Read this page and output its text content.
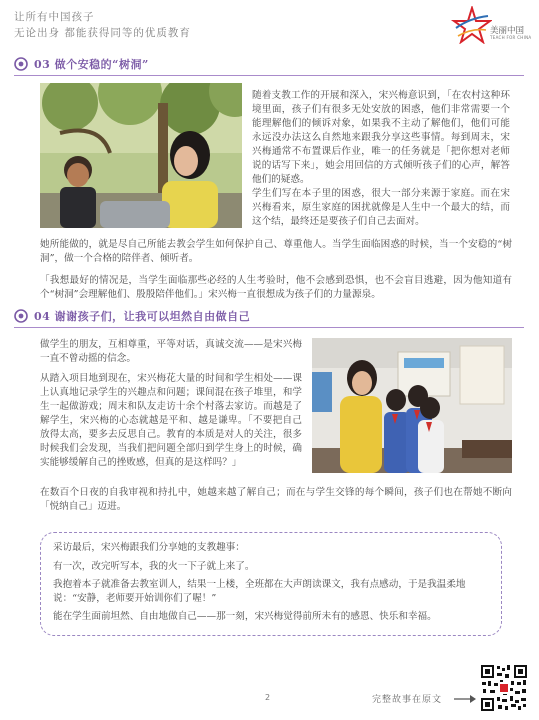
让所有中国孩子
无论出身 都能获得同等的优质教育	美丽中国
TEACH FOR CHINA
03 做个安稳的“树洞”
随着支教工作的开展和深入，宋兴梅意识到，「在农村这种环境里面，孩子们有很多无处安放的困惑，他们非常需要一个能理解他们的倾诉对象，如果我不主动了解他们，他们可能永远没办法这么自然地来跟我分享这些事情。每到周末，宋兴梅通常不布置课后作业，唯一的任务就是「把你想对老师说的话写下来」，她会用回信的方式倾听孩子们的心声，解答他们的疑惑。
学生们写在本子里的困惑，很大一部分来源于家庭。而在宋兴梅看来，原生家庭的困扰就像是人生中一个最大的结，而这个结，最终还是要孩子们自己去面对。
她所能做的，就是尽自己所能去教会学生如何保护自己、尊重他人。当学生面临困惑的时候，当一个安稳的“树洞”，做一个合格的陪伴者、倾听者。
「我想最好的情况是，当学生面临那些必经的人生考验时，他不会感到恐惧，也不会盲目逃避，因为他知道有个“树洞”会理解他们、殷殷陪伴他们。」宋兴梅一直很想成为孩子们的力量源泉。
04 谢谢孩子们，让我可以坦然自由做自己
做学生的朋友，互相尊重，平等对话，真诚交流——是宋兴梅一直不曾动摇的信念。
从踏入项目地到现在，宋兴梅花大量的时间和学生相处——课上认真地记录学生的兴趣点和问题；课间混在孩子堆里，和学生一起做游戏；周末和队友走访十余个村落去家访。而越是了解学生，宋兴梅的心态就越是平和、越是谦卑。「不要把自己放得太高，要多去反思自己。教育的本质是对人的关注，很多时候我们会发现，当我们把问题全部归到学生身上的时候，确实能够缓解自己的挫败感，但真的是这样吗？」
在数百个日夜的自我审视和持扎中，她越来越了解自己；而在与学生交锋的每个瞬间，孩子们也在帮她不断向「悦纳自己」迈进。

采访最后，宋兴梅跟我们分享她的支教趣事：

有一次，改完听写本，我的火一下子就上来了。

我抱着本子就准备去教室训人，结果一上楼，全班都在大声朗读课文，我有点感动，于是我温柔地说：“安静，老师要开始训你们了喔！”

能在学生面前坦然、自由地做自己——那一刻，宋兴梅觉得前所未有的感恩、快乐和幸福。

2	完整故事在原文
